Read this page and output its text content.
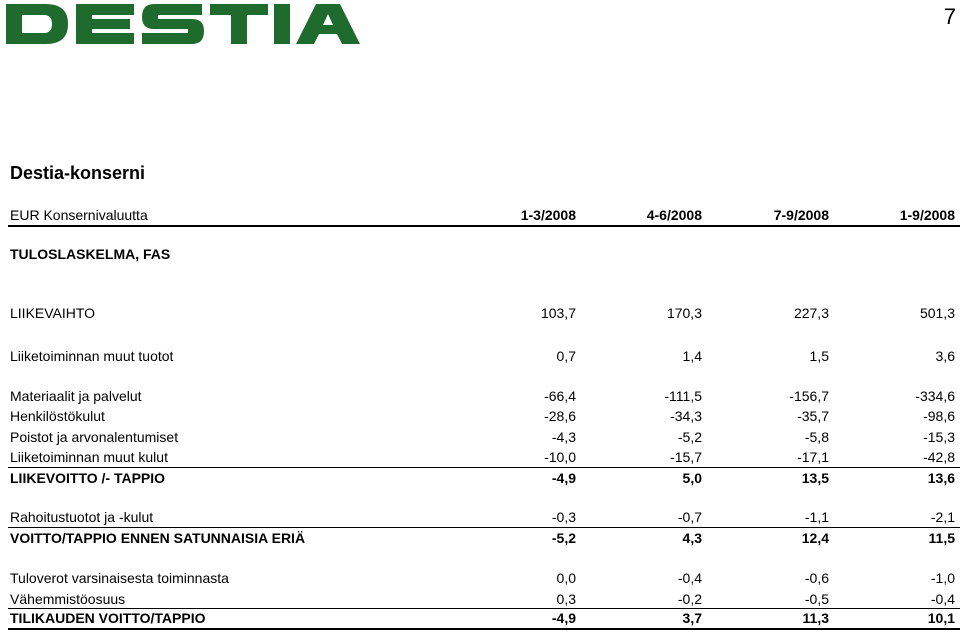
7
Destia-konserni
EUR Konsernivaluutta	1-3/2008	4-6/2008	7-9/2008	1-9/2008
TULOSLASKELMA, FAS
LIIKEVAIHTO	103,7	170,3	227,3	501,3
Liiketoiminnan muut tuotot	0,7	1,4	1,5	3,6
Materiaalit ja palvelut	-66,4	-111,5	-156,7	-334,6
Henkilöstökulut	-28,6	-34,3	-35,7	-98,6
Poistot ja arvonalentumiset	-4,3	-5,2	-5,8	-15,3
Liiketoiminnan muut kulut	-10,0	-15,7	-17,1	-42,8
LIIKEVOITTO /- TAPPIO	-4,9	5,0	13,5	13,6
Rahoitustuotot ja -kulut	-0,3	-0,7	-1,1	-2,1
VOITTO/TAPPIO ENNEN SATUNNAISIA ERIÄ	-5,2	4,3	12,4	11,5
Tuloverot varsinaisesta toiminnasta	0,0	-0,4	-0,6	-1,0
Vähemmistöosuus	0,3	-0,2	-0,5	-0,4
TILIKAUDEN VOITTO/TAPPIO	-4,9	3,7	11,3	10,1
